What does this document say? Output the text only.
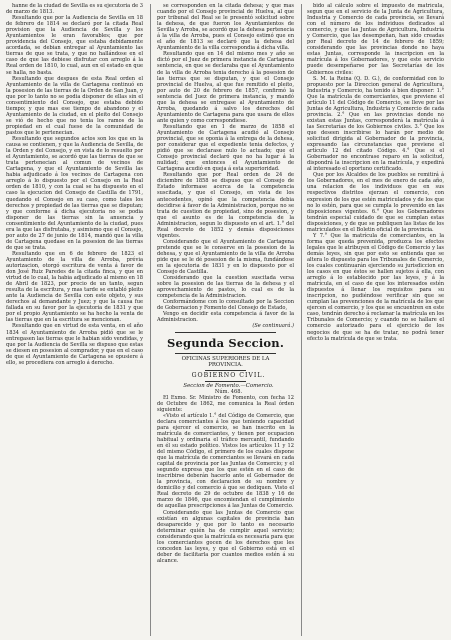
hanne de la ciudad de Sevilla es su ejecutoria de 3 de marzo de 1813.

Resultando que por la Audiencia de Sevilla en 18 de febrero de 1814 se declaró por la citada Real provision que la Audiencia de Sevilla y los Ayuntamientos le eran favorables; que por providencia del Consejo, que estaba debidamente acordada, se debian entregar al Ayuntamiento las tierras de que se trata, y que no hallándose en el caso de que las debiese disfrutar con arreglo á la Real orden de 1810, lo cual, aun en el estado en que se halla, no basta.

Resultando que despues de esta Real orden el Ayuntamiento de la villa de Cartagena continuó en la posesion de las tierras de la Orden de San Juan, y que por lo tanto no se podia disponer de ellas sin el consentimiento del Consejo, que estaba debido tiempo; y que mas ese tiempo de abandono y el Ayuntamiento de la ciudad, en el pleito del Consejo se vió de hecho que no tenia los ramos de la propiedad en el cual fuese de la comunidad de pastos que le pertenecian.

Resultando que segundos actos son los que en la causa se contienen, y que la Audiencia de Sevilla, de la Orden y del Consejo, y en vista de lo resuelto por el Ayuntamiento, se acordó que las tierras de que se trata pertenecian al comun de vecinos de Cartagena, y que el Ayuntamiento de Sevilla las habia adjudicado á los vecinos de Cartagena con arreglo á lo dispuesto por el Consejo en la Real orden de 1810, y con la cual se ha dispuesto en el caso la ejecucion del Consejo de Castilla de 1791, quedando el Consejo en su caso, como tales los derechos y propiedad de las tierras que se disputan; y que conforme á dicha ejecutoria no se podia disponer de las tierras sin la anuencia y consentimiento del Ayuntamiento de la ciudad, pues era la que las disfrutaba, y asimismo que el Consejo, por auto de 27 de junio de 1814, mandó que la villa de Cartagena quedase en la posesion de las tierras de que se trata.

Resultando que en 6 de febrero de 1823 el Ayuntamiento de la villa de Arroba, prévia autorizacion, otorgó escritura de venta á favor de don José Ruiz Paredes de la citada finca, y que en virtud de lo cual, la habia adjudicado al mismo en 18 de Abril de 1823, por precio de un tanto, segun resulta de la escritura, y mas tarde se entabló pleito ante la Audiencia de Sevilla con este objeto, y sus derechos al demandante y Juez; y que la causa fue fallada en su favor por la ejecutoria de 1831 y que por el propio Ayuntamiento se ha hecho la venta de las tierras que en la escritura se mencionan.

Resultando que en virtud de esta venta, en el año 1834 el Ayuntamiento de Arroba pidió que se le entregasen las tierras que le habian sido vendidas, y que por la Audiencia de Sevilla se dispuso que estas se diesen en posesion al comprador, y que en el caso de que el Ayuntamiento de Cartagena se opusiere á ello, se procediera con arreglo á derecho.

se corresponden en la citada dehesa; y que mas cuando por el Consejo provincial de Huelva, al que por tribunal del Real se le presentó solicitud sobre la dehesa, de que fueron los Ayuntamientos de Sevilla y Arroba, se acordó que la dehesa pertenecia á la villa de Arroba, pues el Consejo estimó que en el año de 1813 se declaró que la dehesa del Ayuntamiento de la villa correspondia á dicha villa.

Resultando que en 14 del mismo mes y año se dictó por el Juez de primera instancia de Cartagena sentencia, en que se declaraba que el Ayuntamiento de la villa de Arroba tenia derecho á la posesion de las tierras que se disputan, y que el Consejo provincial de Huelva, al que fue remitido el pleito, por auto de 20 de febrero de 1857, confirmó la sentencia del Juez de primera instancia, y mandó que la dehesa se entregase al Ayuntamiento de Arroba, quedando á salvo los derechos del Ayuntamiento de Cartagena para que usara de ellos ante quien y como correspondiese.

Resultando que en 1 de marzo de 1858 el Ayuntamiento de Cartagena acudió al Consejo provincial, que se oponia á la entrega de la dehesa, por considerar que el expediente tenia defectos, y pidió que se declarase nulo lo actuado; que el Consejo provincial declaró que no ha lugar á la nulidad; que entonces el Ayuntamiento de Cartagena acudió en queja á esta superioridad.

Resultando que por Real orden de 24 de diciembre de 1858 se dispuso que el Consejo de Estado informase acerca de la competencia suscitada, y que el Consejo, en vista de los antecedentes, opinó que la competencia debia decidirse á favor de la Administracion, porque no se trata de cuestion de propiedad, sino de posesion, y que el asunto es de la competencia de la Administracion, segun lo dispuesto en el art. 1.° del Real decreto de 1852 y demás disposiciones vigentes.

Considerando que el Ayuntamiento de Cartagena pretende que se le conserve en la posesion de la dehesa, y que el Ayuntamiento de la villa de Arroba pide que se le dé posesion de la misma, fundándose en la ejecutoria de 1831 y en lo dispuesto por el Consejo de Castilla.

Considerando que la cuestion suscitada versa sobre la posesion de las tierras de la dehesa y el aprovechamiento de pastos, lo cual es de la competencia de la Administracion.

Conformándome con lo consultado por la Seccion de Gobernacion y Fomento del Consejo de Estado,

Vengo en decidir esta competencia á favor de la Administracion.

(Se continuará.)

Segunda Seccion.

OFICINAS SUPERIORES DE LA

PROVINCIA.

GOBIERNO CIVIL.

Seccion de Fomento.—Comercio.

Núm. 468.

El Exmo. Sr. Ministro de Fomento, con fecha 12 de Octubre de 1862, me comunica la Real órden siguiente:

«Visto el artículo 1.° del Código de Comercio, que declara comerciantes á los que teniendo capacidad para ejercer el comercio, se han inscrito en la matrícula de comerciantes, y tienen por ocupacion habitual y ordinaria el tráfico mercantil, fundando en él su estado político. Vistos los artículos 11 y 12 del mismo Código, el primero de los cuales dispone que la matrícula de comerciantes se llevará en cada capital de provincia por las Juntas de Comercio; y el segundo expresa que los que estén en el caso de inscribirse deberán hacerlo ante el Gobernador de la provincia, con declaracion de su nombre y domicilio y del comercio á que se dediquen. Visto el Real decreto de 29 de octubre de 1838 y 16 de marzo de 1846, que encomiendan el cumplimiento de aquellas prescripciones á las Juntas de Comercio.

Considerando que las Juntas de Comercio que existían en algunas capitales de provincia han desaparecido y que por lo tanto es necesario determinar quién ha de cumplir aquel servicio; considerando que la matrícula es necesaria para que los comerciantes gocen de los derechos que les conceden las leyes, y que el Gobierno está en el deber de facilitarla por cuantos medios estén á su alcance.

bido al cálculo sobre el impuesto de matrícula, segun que en el servicio de la Junta de Agricultura, Industria y Comercio de cada provincia, se llevará con el número de los individuos dedicados al comercio, y que las Juntas de Agricultura, Industria y Comercio, que las desempeñan, han sido creadas por Real decreto de 14 de febrero de 1859; considerando que las provincias donde no haya estas Juntas, corresponde la inscripcion en la matrícula á los Gobernadores, y que este servicio puede desempeñarse por las Secretarías de los Gobiernos civiles:

S. M. la Reina (Q. D. G.), de conformidad con lo propuesto por la Direccion general de Agricultura, Industria y Comercio, ha tenido á bien disponer: 1.° Que la matrícula de comerciantes, que previene el artículo 11 del Código de Comercio, se lleve por las Juntas de Agricultura, Industria y Comercio de cada provincia. 2.° Que en las provincias donde no existan estas Juntas, corresponderá la matrícula á las Secretarías de los Gobiernos civiles. 3.° Que los que deseen inscribirse lo harán por medio de solicitud dirigida al Gobernador de la provincia, expresando las circunstancias que previene el artículo 12 del citado Código. 4.° Que si el Gobernador no encontrase reparo en la solicitud, dispondrá la inscripcion en la matrícula, y expedirá al interesado el oportuno certificado.

Que por los Alcaldes de los pueblos se remitirá á los Gobernadores, en el mes de enero de cada año, una relacion de los individuos que en sus respectivos distritos ejerzan el comercio, con expresion de los que estén matriculados y de los que no lo estén, para que se cumpla lo prevenido en las disposiciones vigentes. 6.° Que los Gobernadores tendrán especial cuidado de que se cumplan estas disposiciones, y de que se publiquen las listas de los matriculados en el Boletin oficial de la provincia.

Y 7.° Que la matrícula de comerciantes, en la forma que queda prevenida, produzca los efectos legales que le atribuyen el Código de Comercio y las demás leyes, sin que por esto se entienda que se altera lo dispuesto para los Tribunales de Comercio, los cuales continuarán ejerciendo su jurisdiccion en los casos en que éstos se hallen sujetos á ella, con arreglo á lo establecido por las leyes, y á la matrícula, en el caso de que los interesados estén dispuestos á llenar los requisitos para su inscripcion, no pudiéndose verificar sin que se cumplan las prevenciones de la matrícula de los que ejercen el comercio, y los que se encuentren en este caso, tendrán derecho á reclamar la matrícula en los Tribunales de Comercio; y cuando no se hallare el comercio autorizado para el ejercicio de los negocios de que se ha de tratar, no podrá tener efecto la matrícula de que se trata.
